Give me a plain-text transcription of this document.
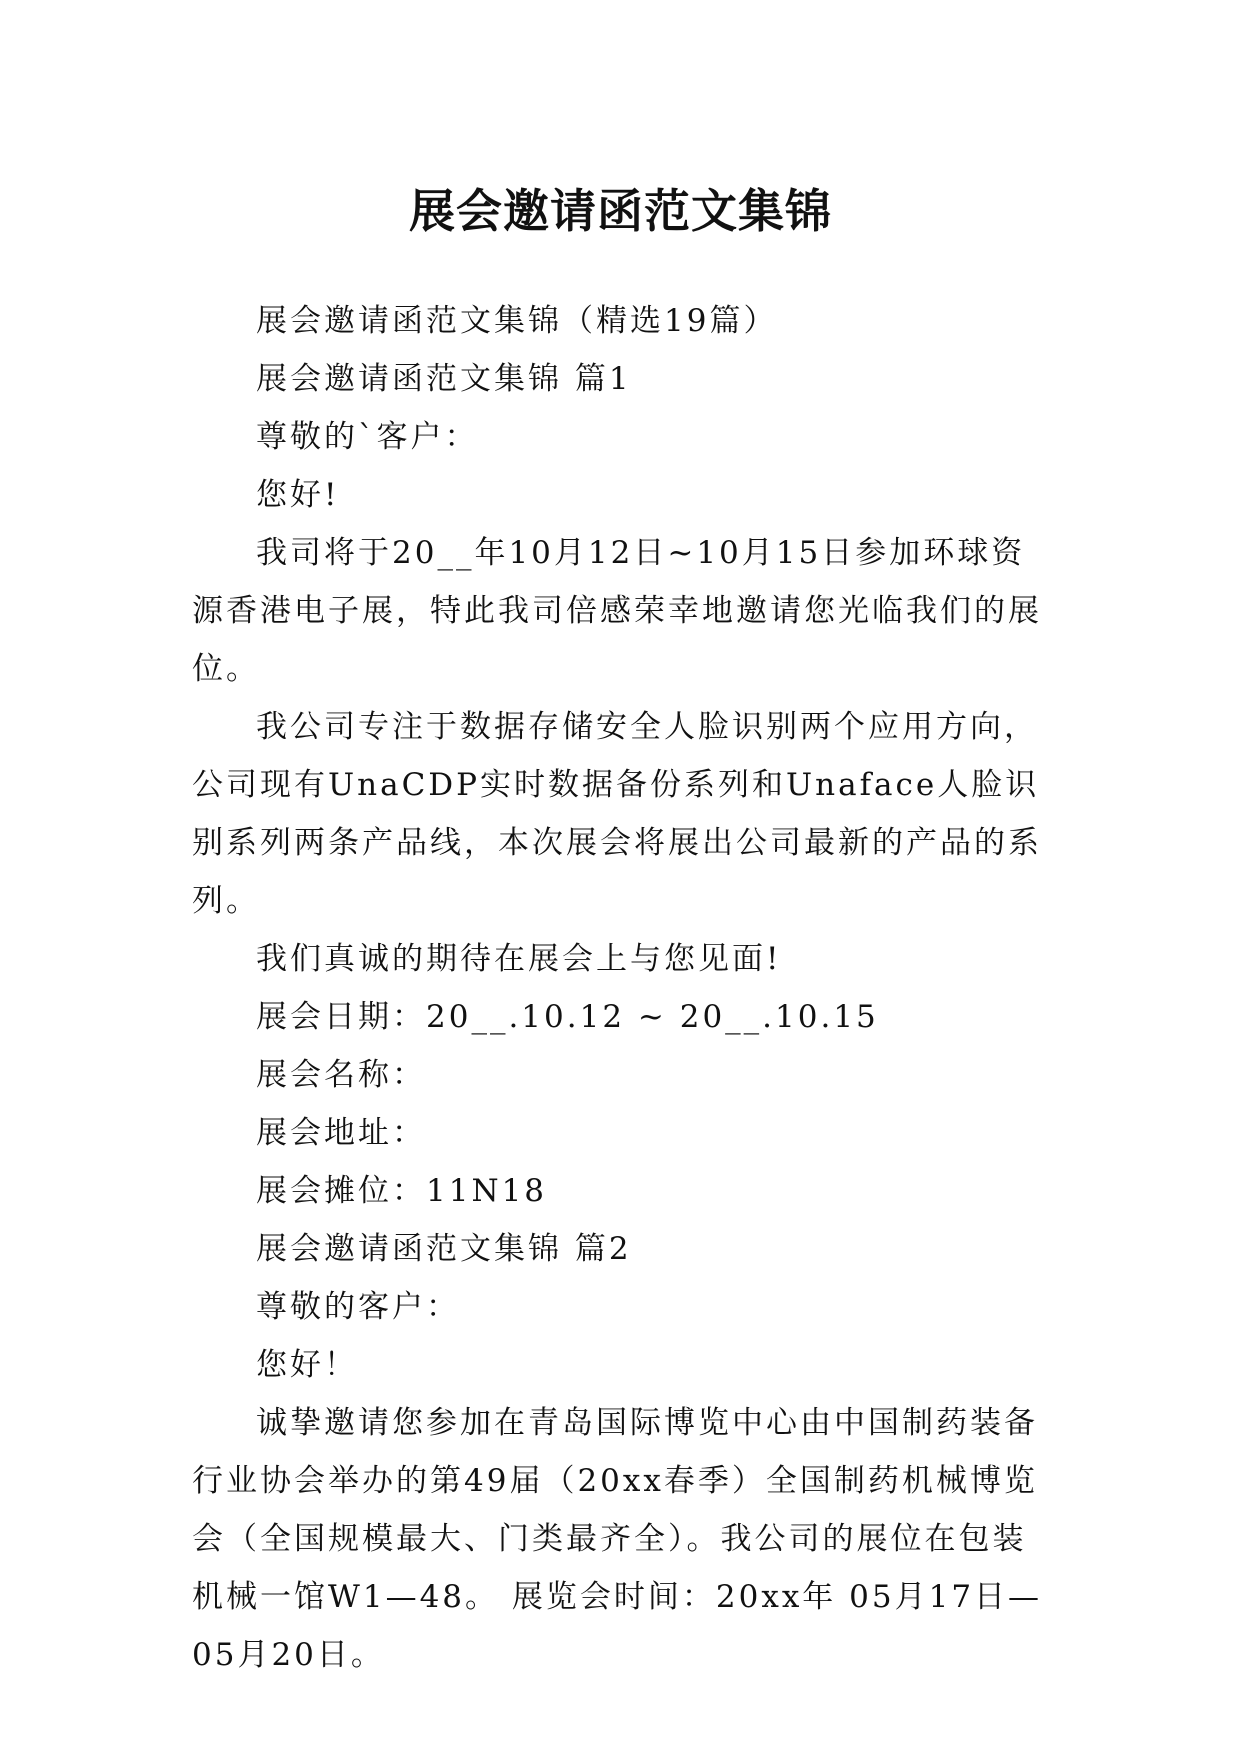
展会邀请函范文集锦

展会邀请函范文集锦（精选19篇）

展会邀请函范文集锦 篇1

尊敬的`客户：

您好!

我司将于20__年10月12日~10月15日参加环球资源香港电子展，特此我司倍感荣幸地邀请您光临我们的展位。

我公司专注于数据存储安全人脸识别两个应用方向，公司现有UnaCDP实时数据备份系列和Unaface人脸识别系列两条产品线，本次展会将展出公司最新的产品的系列。

我们真诚的期待在展会上与您见面!

展会日期：20__.10.12 ~ 20__.10.15

展会名称：

展会地址：

展会摊位：11N18

展会邀请函范文集锦 篇2

尊敬的客户：

您好！

诚挚邀请您参加在青岛国际博览中心由中国制药装备行业协会举办的第49届（20xx春季）全国制药机械博览会（全国规模最大、门类最齐全）。我公司的展位在包装机械一馆W1—48。 展览会时间：20xx年 05月17日—05月20日。
